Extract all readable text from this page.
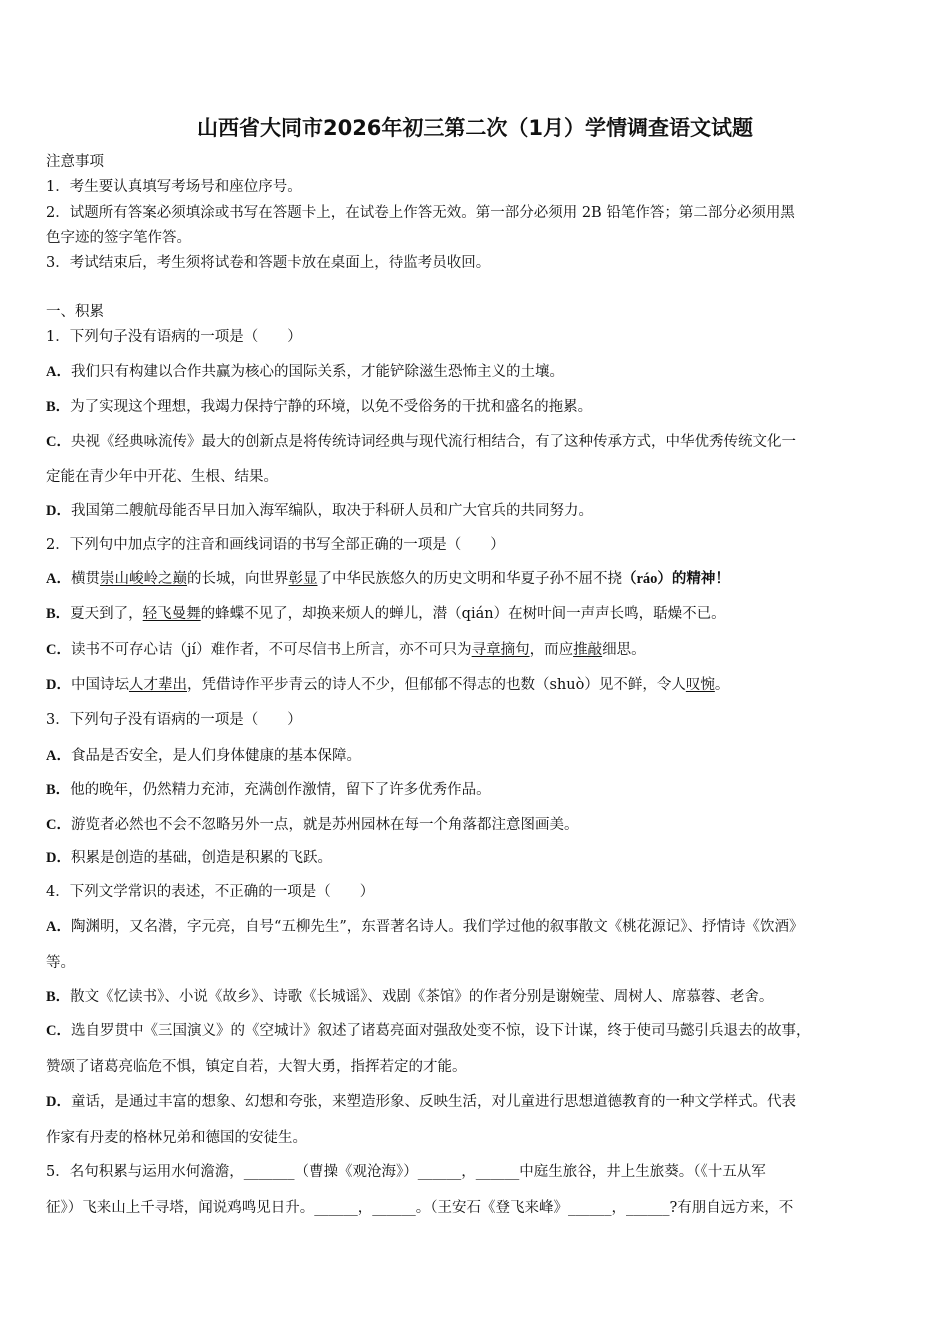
山西省大同市2026年初三第二次（1月）学情调查语文试题
注意事项
1．考生要认真填写考场号和座位序号。
2．试题所有答案必须填涂或书写在答题卡上，在试卷上作答无效。第一部分必须用 2B 铅笔作答；第二部分必须用黑
色字迹的签字笔作答。
3．考试结束后，考生须将试卷和答题卡放在桌面上，待监考员收回。
一、积累
1．下列句子没有语病的一项是（　　）
A．我们只有构建以合作共赢为核心的国际关系，才能铲除滋生恐怖主义的土壤。
B．为了实现这个理想，我竭力保持宁静的环境，以免不受俗务的干扰和盛名的拖累。
C．央视《经典咏流传》最大的创新点是将传统诗词经典与现代流行相结合，有了这种传承方式，中华优秀传统文化一
定能在青少年中开花、生根、结果。
D．我国第二艘航母能否早日加入海军编队，取决于科研人员和广大官兵的共同努力。
2．下列句中加点字的注音和画线词语的书写全部正确的一项是（　　）
A．横贯崇山峻岭之巅的长城，向世界彰显了中华民族悠久的历史文明和华夏子孙不屈不挠（ráo）的精神！
B．夏天到了，轻飞曼舞的蜂蝶不见了，却换来烦人的蝉儿，潜（qián）在树叶间一声声长鸣，聒燥不已。
C．读书不可存心诘（jí）难作者，不可尽信书上所言，亦不可只为寻章摘句，而应推敲细思。
D．中国诗坛人才辈出，凭借诗作平步青云的诗人不少，但郁郁不得志的也数（shuò）见不鲜，令人叹惋。
3．下列句子没有语病的一项是（　　）
A．食品是否安全，是人们身体健康的基本保障。
B．他的晚年，仍然精力充沛，充满创作激情，留下了许多优秀作品。
C．游览者必然也不会不忽略另外一点，就是苏州园林在每一个角落都注意图画美。
D．积累是创造的基础，创造是积累的飞跃。
4．下列文学常识的表述，不正确的一项是（　　）
A．陶渊明，又名潜，字元亮，自号“五柳先生”，东晋著名诗人。我们学过他的叙事散文《桃花源记》、抒情诗《饮酒》
等。
B．散文《忆读书》、小说《故乡》、诗歌《长城谣》、戏剧《茶馆》的作者分别是谢婉莹、周树人、席慕蓉、老舍。
C．选自罗贯中《三国演义》的《空城计》叙述了诸葛亮面对强敌处变不惊，设下计谋，终于使司马懿引兵退去的故事，
赞颂了诸葛亮临危不惧，镇定自若，大智大勇，指挥若定的才能。
D．童话，是通过丰富的想象、幻想和夸张，来塑造形象、反映生活，对儿童进行思想道德教育的一种文学样式。代表
作家有丹麦的格林兄弟和德国的安徒生。
5．名句积累与运用水何澹澹，_______（曹操《观沧海》）______，______中庭生旅谷，井上生旅葵。（《十五从军
征》）飞来山上千寻塔，闻说鸡鸣见日升。______，______。（王安石《登飞来峰》______，______?有朋自远方来，不
